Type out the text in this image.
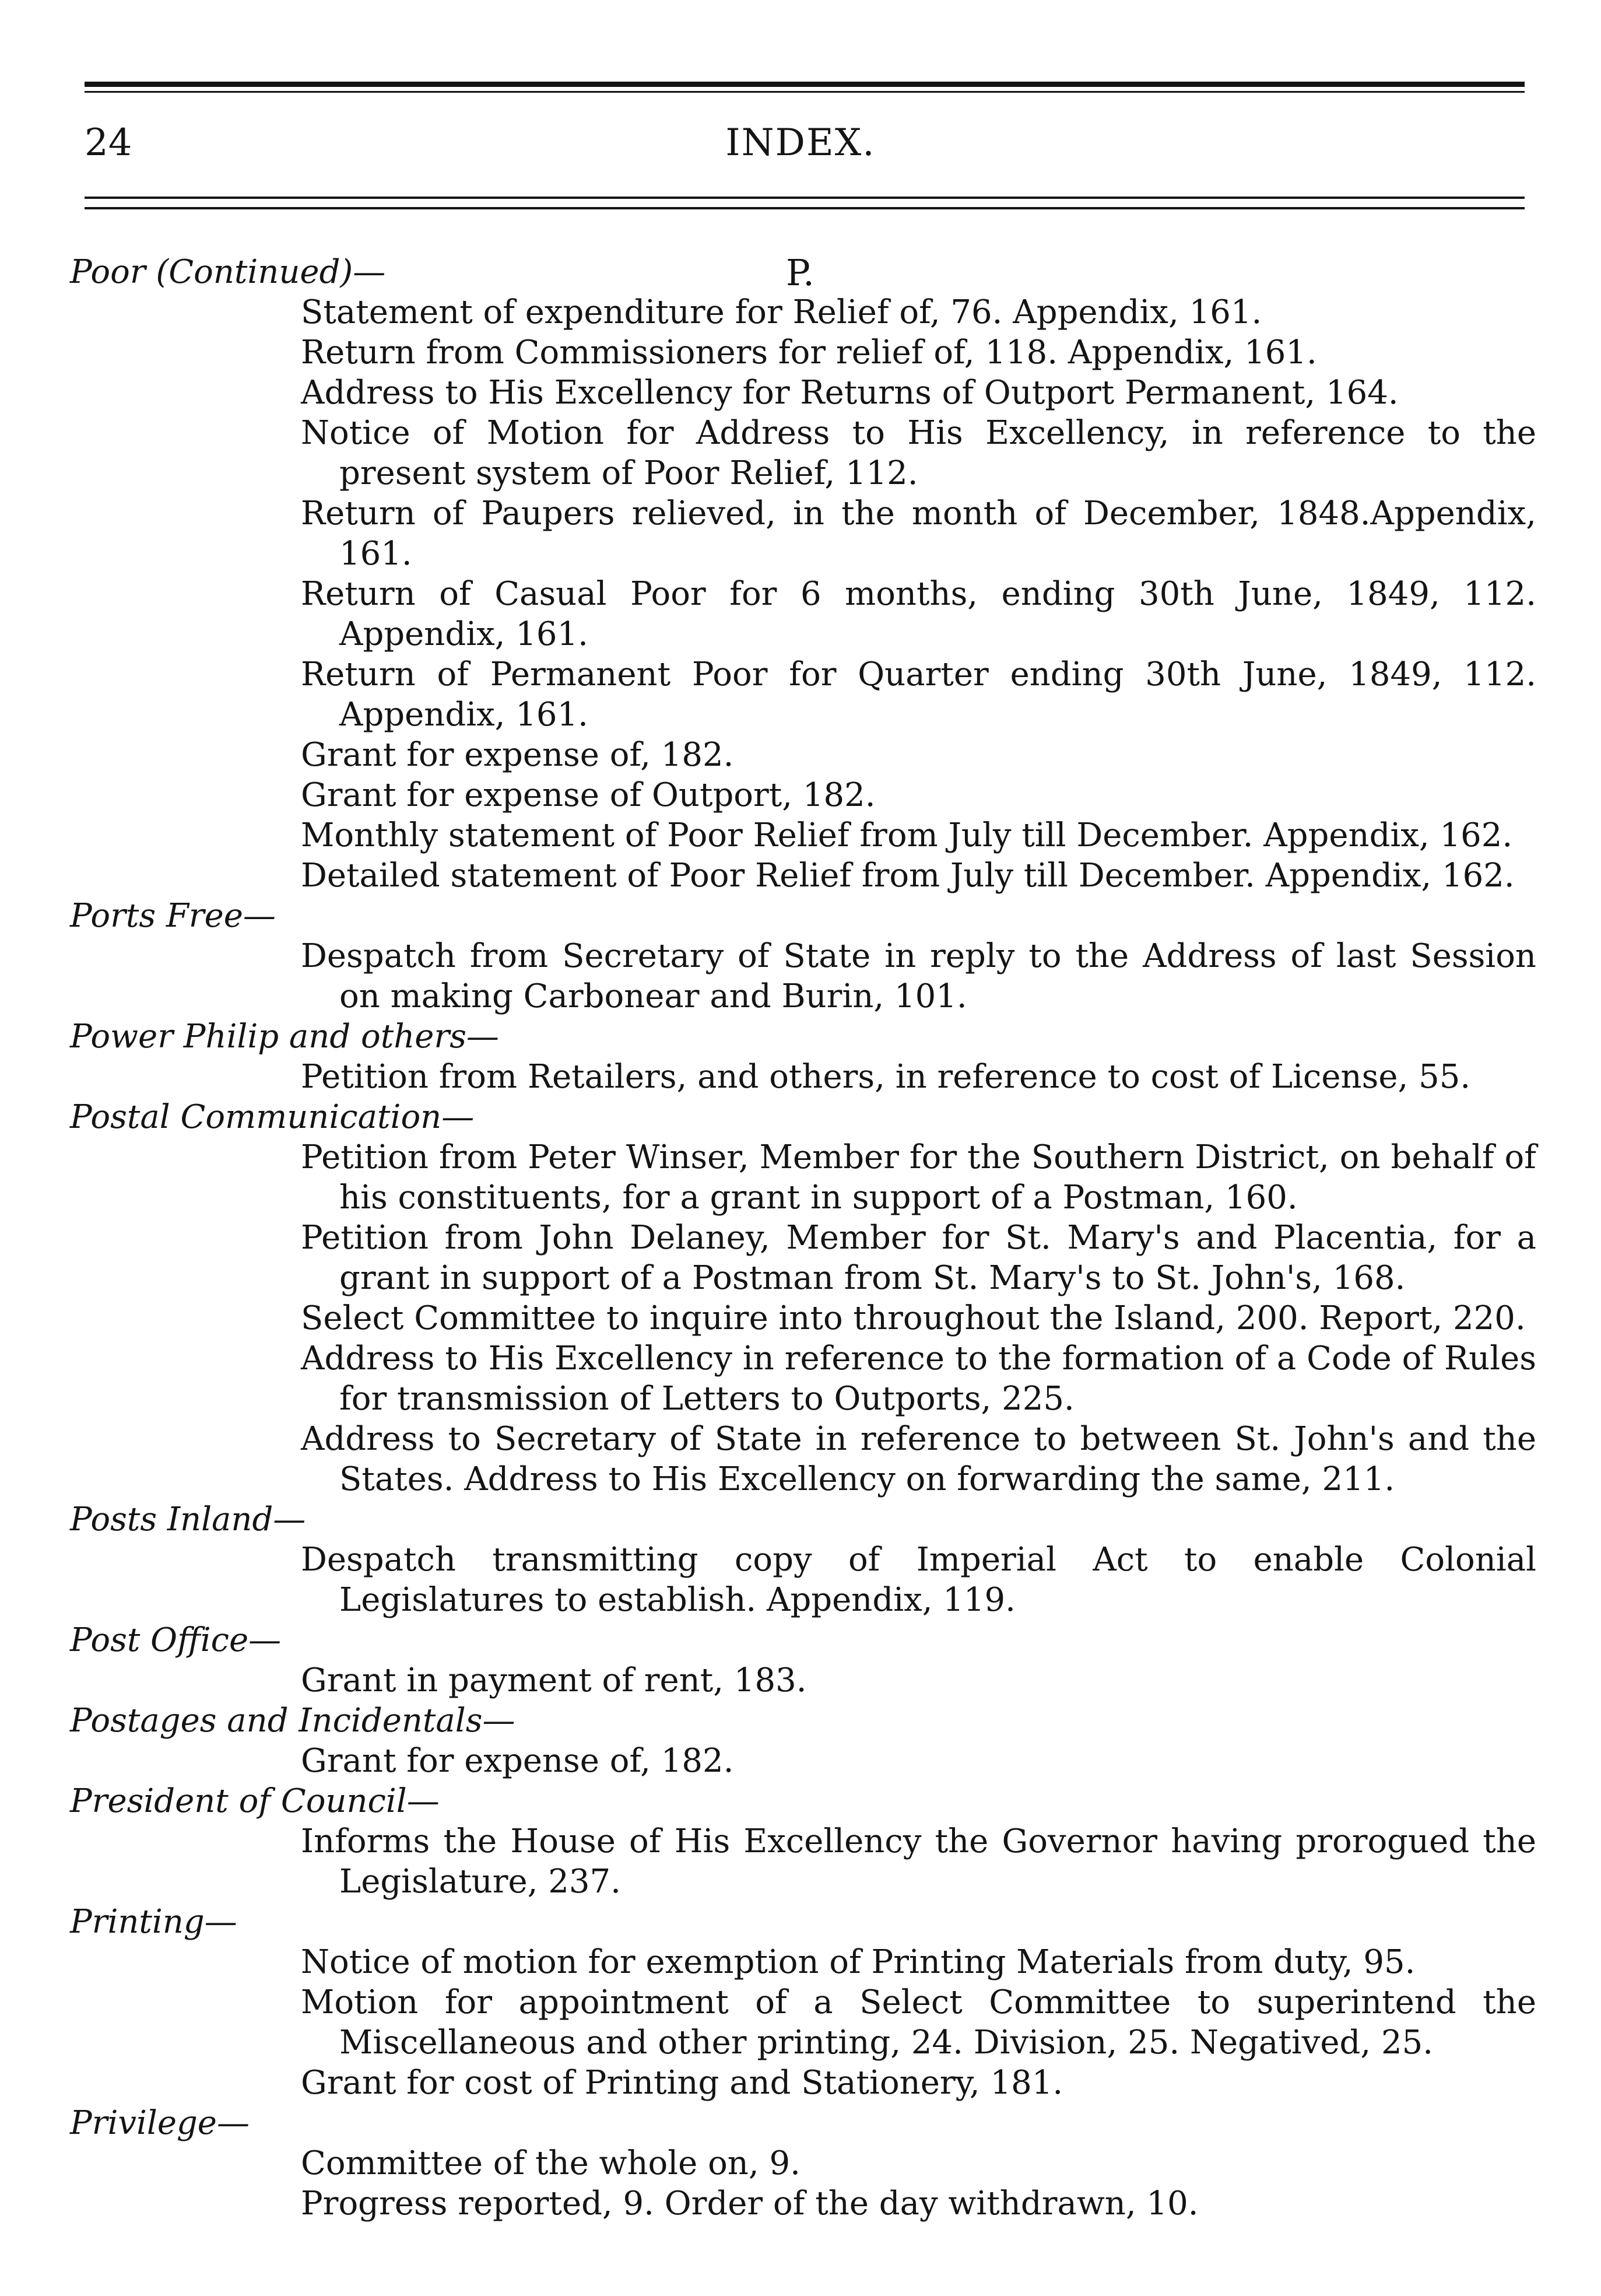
24	INDEX.
P.
Poor (Continued)—
Statement of expenditure for Relief of, 76. Appendix, 161.
Return from Commissioners for relief of, 118. Appendix, 161.
Address to His Excellency for Returns of Outport Permanent, 164.
Notice of Motion for Address to His Excellency, in reference to the present system of Poor Relief, 112.
Return of Paupers relieved, in the month of December, 1848.Appendix, 161.
Return of Casual Poor for 6 months, ending 30th June, 1849, 112. Appendix, 161.
Return of Permanent Poor for Quarter ending 30th June, 1849, 112. Appendix, 161.
Grant for expense of, 182.
Grant for expense of Outport, 182.
Monthly statement of Poor Relief from July till December. Appendix, 162.
Detailed statement of Poor Relief from July till December. Appendix, 162.
Ports Free—
Despatch from Secretary of State in reply to the Address of last Session on making Carbonear and Burin, 101.
Power Philip and others—
Petition from Retailers, and others, in reference to cost of License, 55.
Postal Communication—
Petition from Peter Winser, Member for the Southern District, on behalf of his constituents, for a grant in support of a Postman, 160.
Petition from John Delaney, Member for St. Mary's and Placentia, for a grant in support of a Postman from St. Mary's to St. John's, 168.
Select Committee to inquire into throughout the Island, 200. Report, 220.
Address to His Excellency in reference to the formation of a Code of Rules for transmission of Letters to Outports, 225.
Address to Secretary of State in reference to between St. John's and the States. Address to His Excellency on forwarding the same, 211.
Posts Inland—
Despatch transmitting copy of Imperial Act to enable Colonial Legislatures to establish. Appendix, 119.
Post Office—
Grant in payment of rent, 183.
Postages and Incidentals—
Grant for expense of, 182.
President of Council—
Informs the House of His Excellency the Governor having prorogued the Legislature, 237.
Printing—
Notice of motion for exemption of Printing Materials from duty, 95.
Motion for appointment of a Select Committee to superintend the Miscellaneous and other printing, 24. Division, 25. Negatived, 25.
Grant for cost of Printing and Stationery, 181.
Privilege—
Committee of the whole on, 9.
Progress reported, 9. Order of the day withdrawn, 10.
